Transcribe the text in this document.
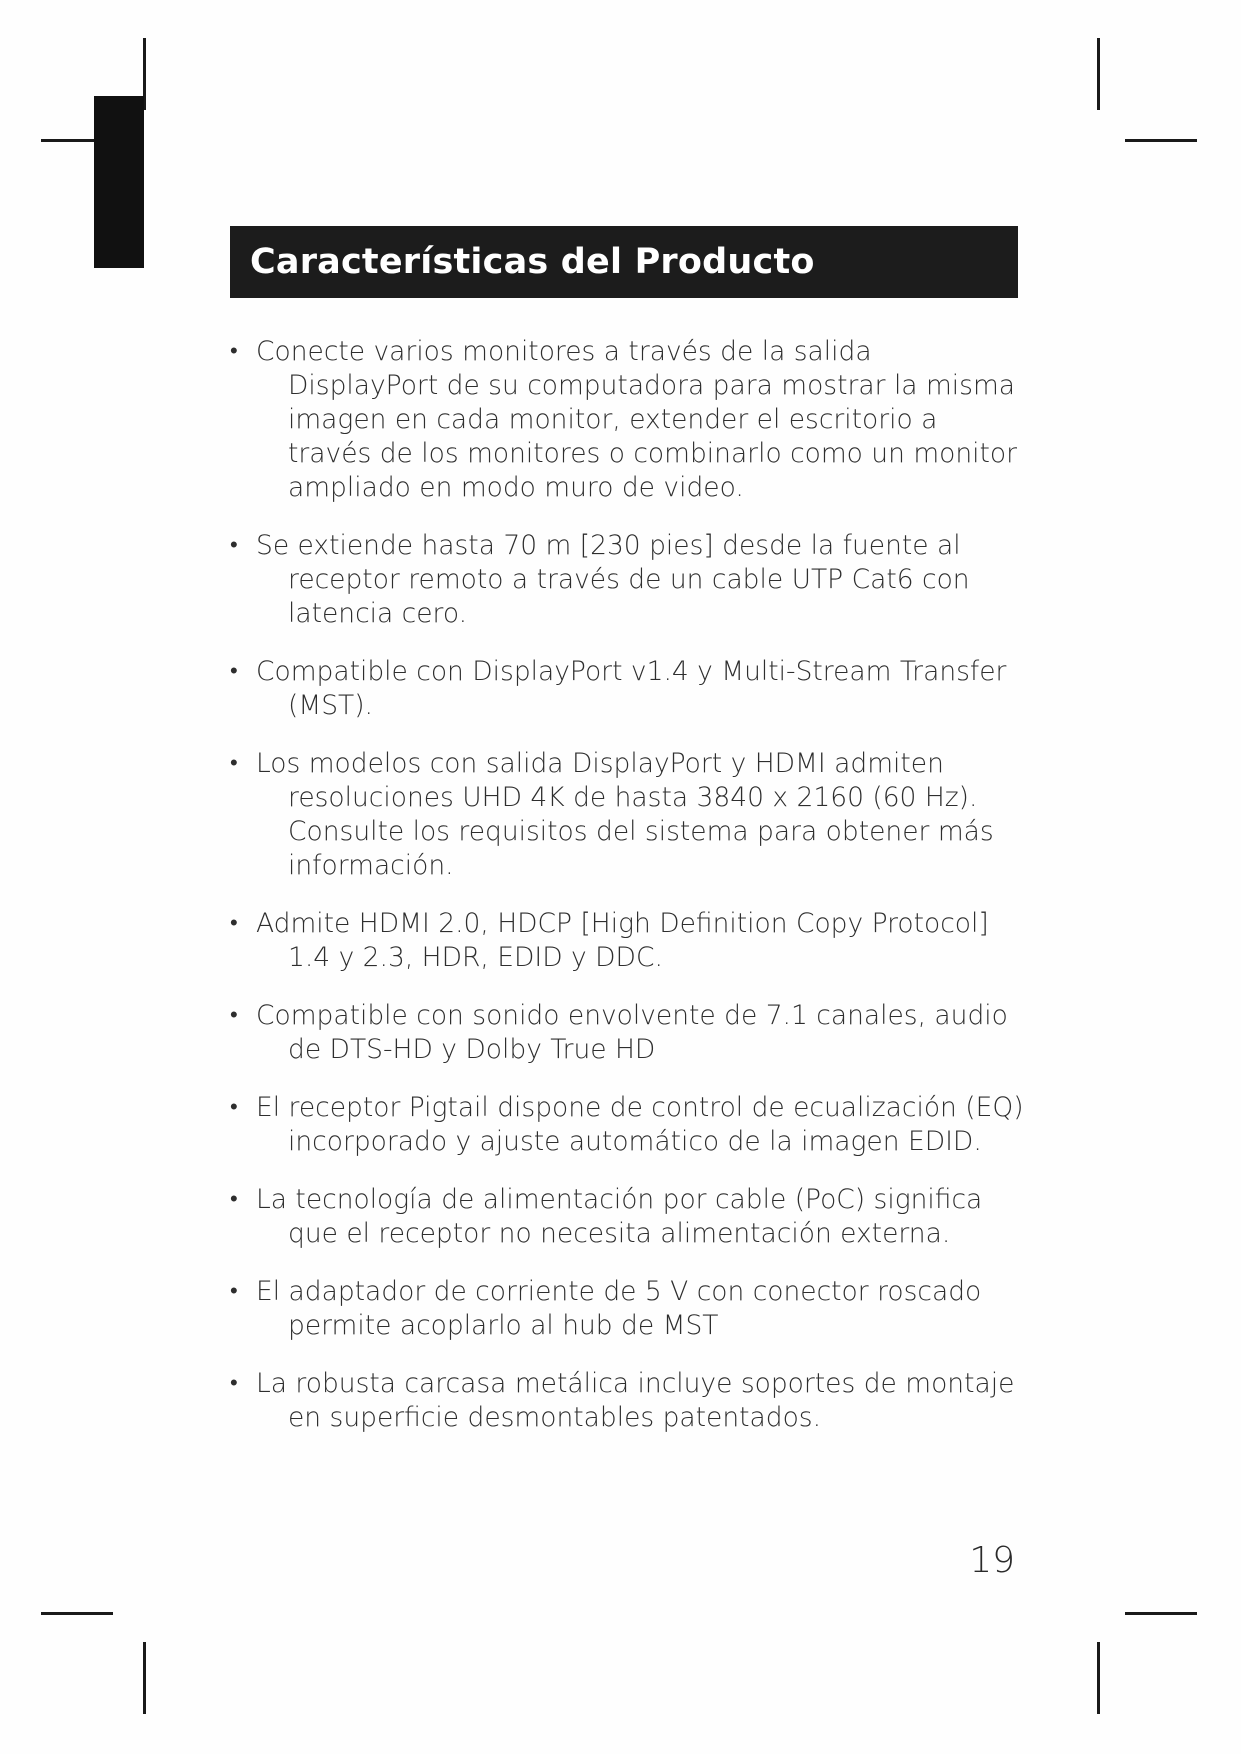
Características del Producto
• Conecte varios monitores a través de la salida DisplayPort de su computadora para mostrar la misma imagen en cada monitor, extender el escritorio a través de los monitores o combinarlo como un monitor ampliado en modo muro de video.
• Se extiende hasta 70 m [230 pies] desde la fuente al receptor remoto a través de un cable UTP Cat6 con latencia cero.
• Compatible con DisplayPort v1.4 y Multi-Stream Transfer (MST).
• Los modelos con salida DisplayPort y HDMI admiten resoluciones UHD 4K de hasta 3840 x 2160 (60 Hz). Consulte los requisitos del sistema para obtener más información.
• Admite HDMI 2.0, HDCP [High Definition Copy Protocol] 1.4 y 2.3, HDR, EDID y DDC.
• Compatible con sonido envolvente de 7.1 canales, audio de DTS-HD y Dolby True HD
• El receptor Pigtail dispone de control de ecualización (EQ) incorporado y ajuste automático de la imagen EDID.
• La tecnología de alimentación por cable (PoC) significa que el receptor no necesita alimentación externa.
• El adaptador de corriente de 5 V con conector roscado permite acoplarlo al hub de MST
• La robusta carcasa metálica incluye soportes de montaje en superficie desmontables patentados.
19
